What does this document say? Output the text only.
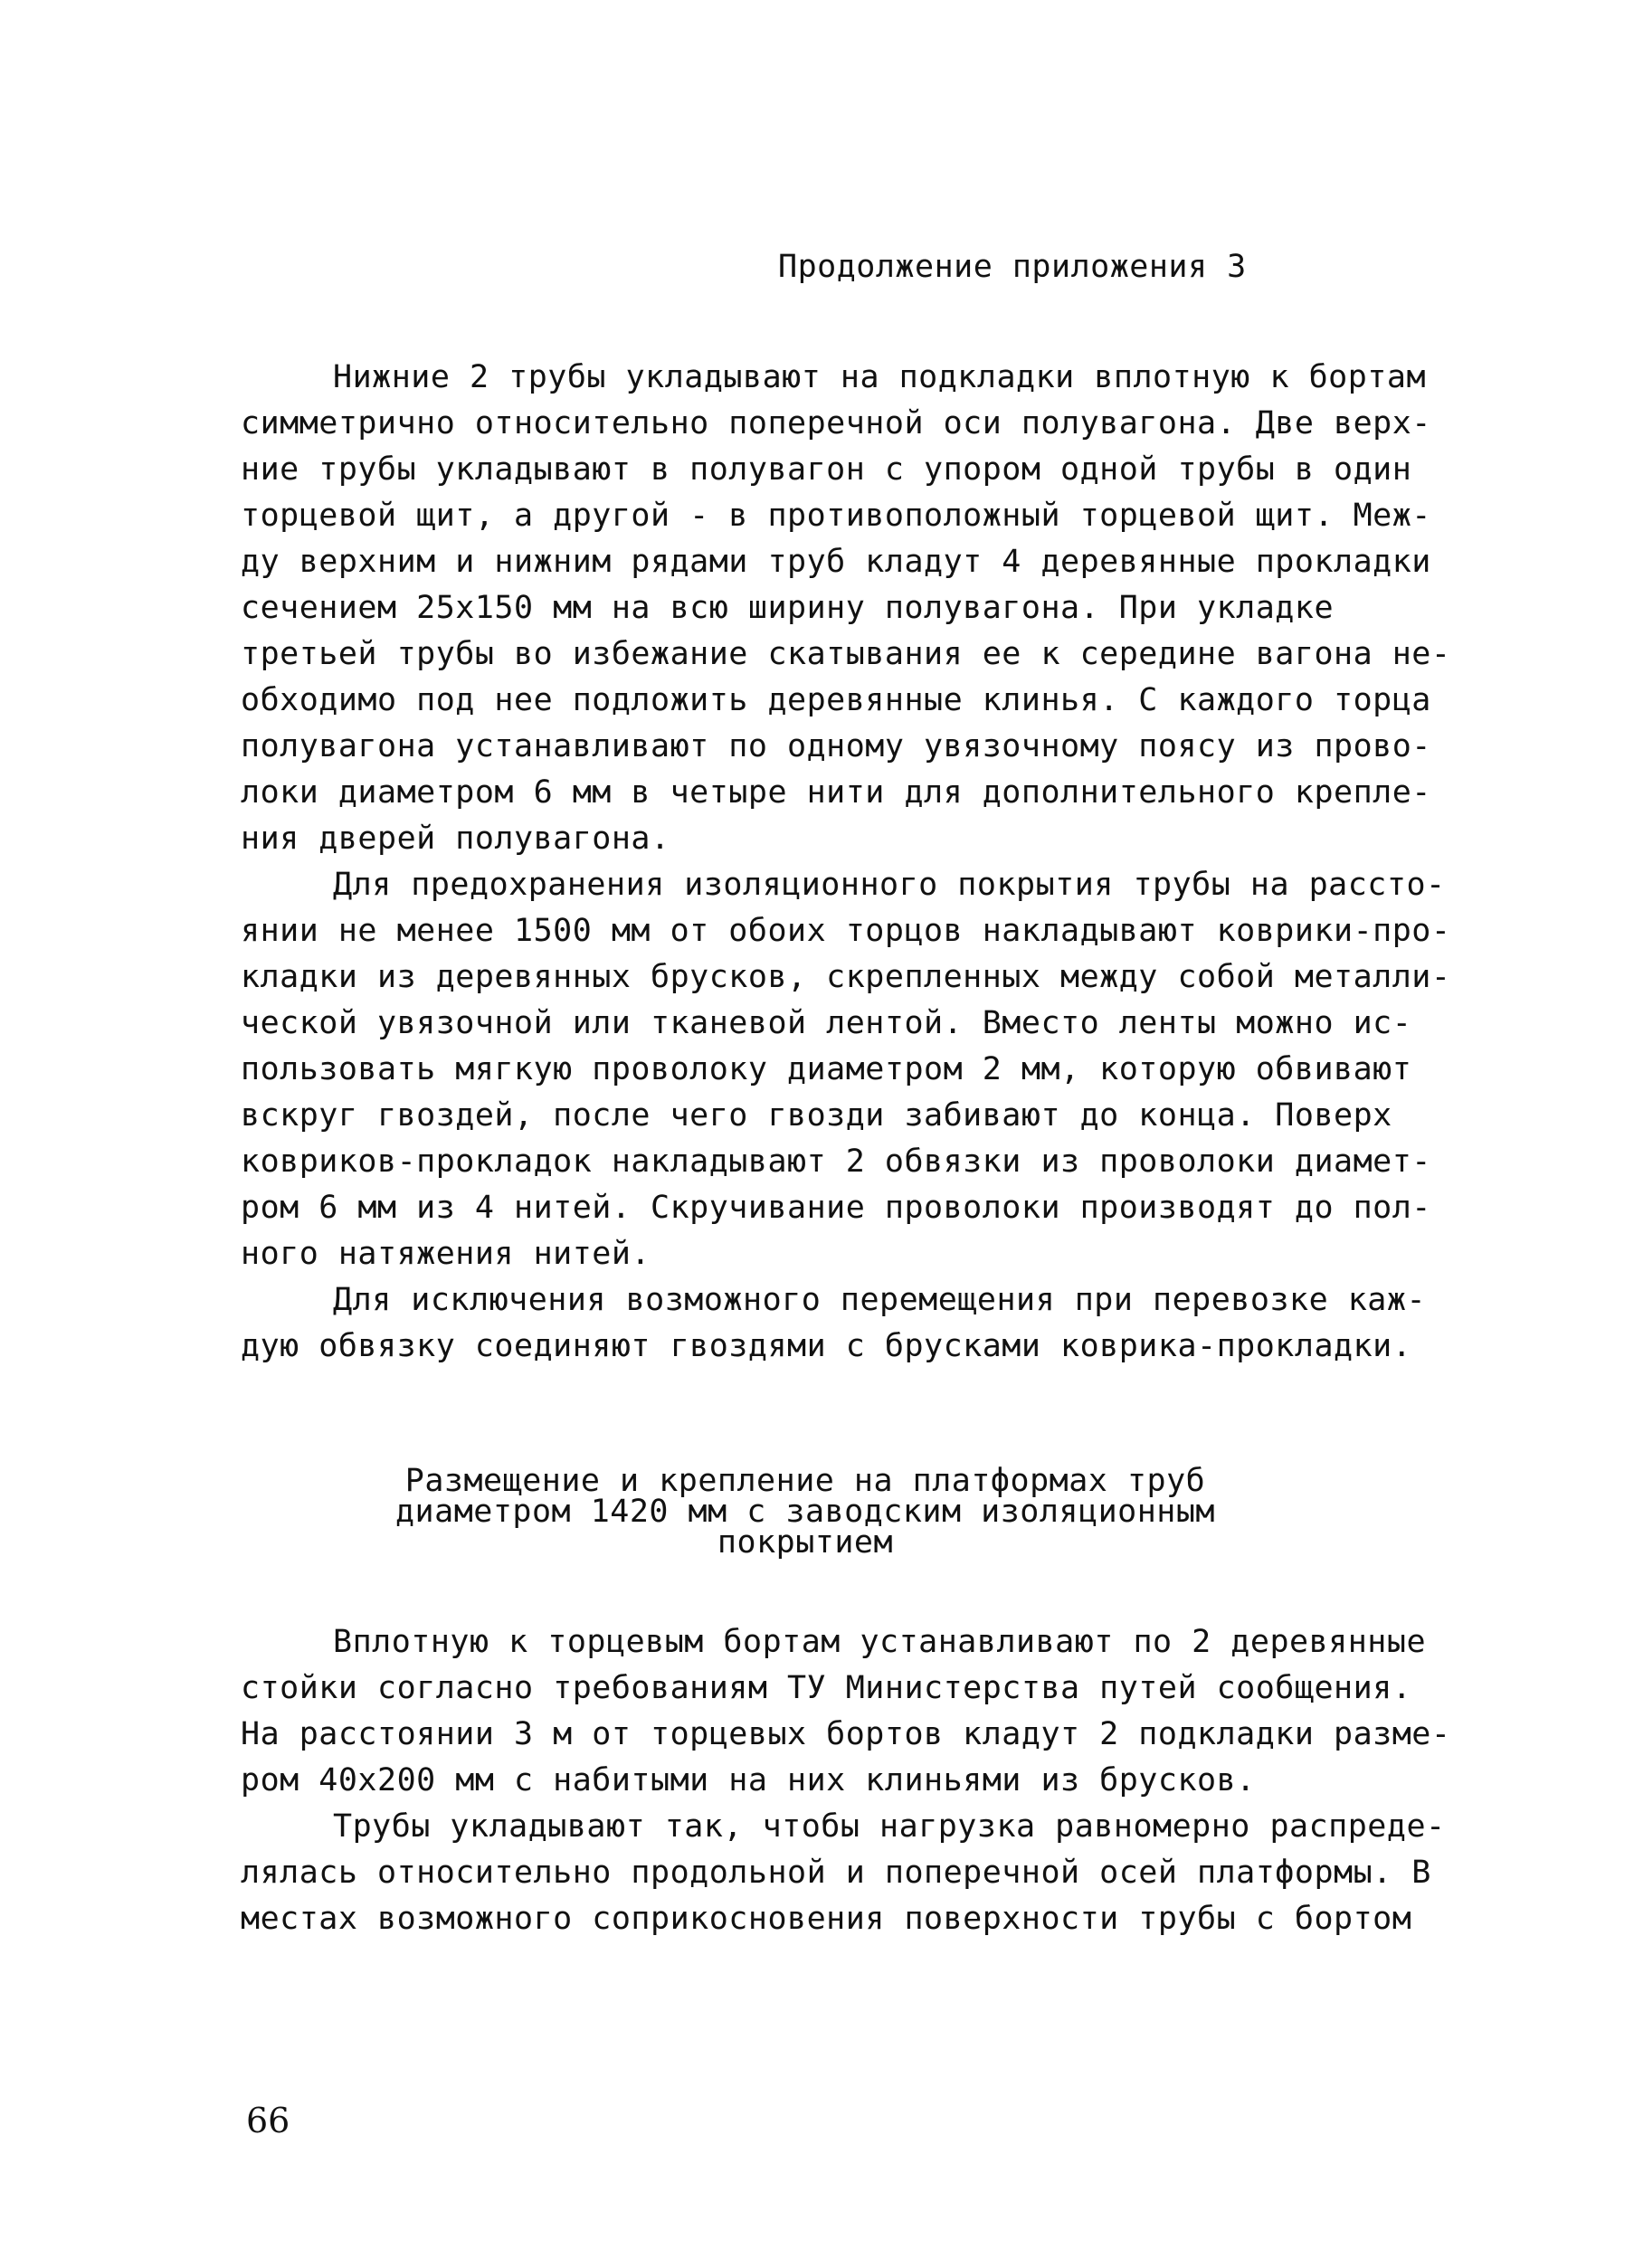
Продолжение приложения 3
Нижние 2 трубы укладывают на подкладки вплотную к бортам
симметрично относительно поперечной оси полувагона. Две верх-
ние трубы укладывают в полувагон с упором одной трубы в один
торцевой щит, а другой - в противоположный торцевой щит. Меж-
ду верхним и нижним рядами труб кладут 4 деревянные прокладки
сечением 25х150 мм на всю ширину полувагона. При укладке
третьей трубы во избежание скатывания ее к середине вагона не-
обходимо под нее подложить деревянные клинья. С каждого торца
полувагона устанавливают по одному увязочному поясу из прово-
локи диаметром 6 мм в четыре нити для дополнительного крепле-
ния дверей полувагона.
Для предохранения изоляционного покрытия трубы на рассто-
янии не менее 1500 мм от обоих торцов накладывают коврики-про-
кладки из деревянных брусков, скрепленных между собой металли-
ческой увязочной или тканевой лентой. Вместо ленты можно ис-
пользовать мягкую проволоку диаметром 2 мм, которую обвивают
вскруг гвоздей, после чего гвозди забивают до конца. Поверх
ковриков-прокладок накладывают 2 обвязки из проволоки диамет-
ром 6 мм из 4 нитей. Скручивание проволоки производят до пол-
ного натяжения нитей.
Для исключения возможного перемещения при перевозке каж-
дую обвязку соединяют гвоздями с брусками коврика-прокладки.
Размещение и крепление на платформах труб
диаметром 1420 мм с заводским изоляционным
покрытием
Вплотную к торцевым бортам устанавливают по 2 деревянные
стойки согласно требованиям ТУ Министерства путей сообщения.
На расстоянии 3 м от торцевых бортов кладут 2 подкладки разме-
ром 40х200 мм с набитыми на них клиньями из брусков.
Трубы укладывают так, чтобы нагрузка равномерно распреде-
лялась относительно продольной и поперечной осей платформы. В
местах возможного соприкосновения поверхности трубы с бортом
66
